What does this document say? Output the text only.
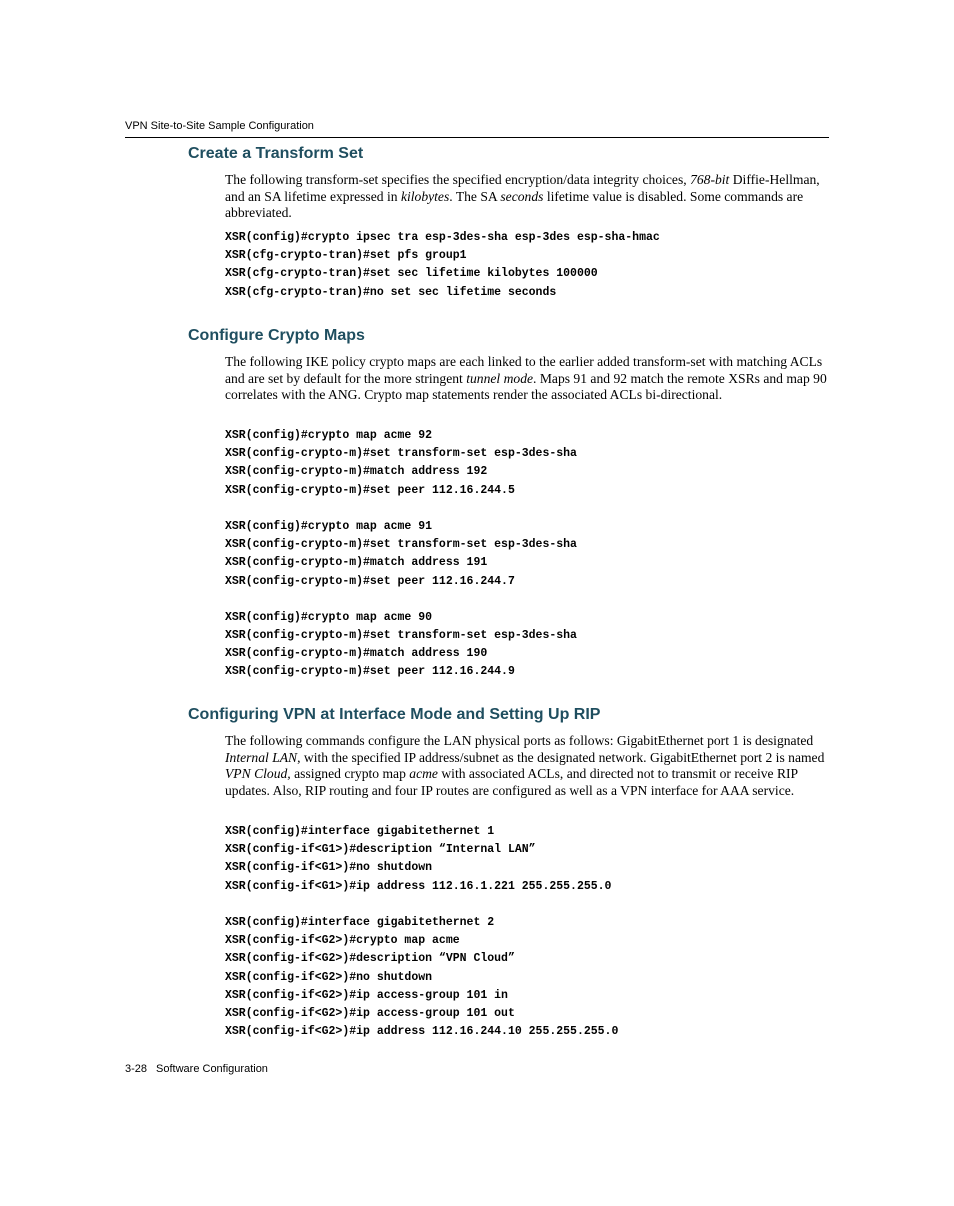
VPN Site-to-Site Sample Configuration
Create a Transform Set

The following transform-set specifies the specified encryption/data integrity choices, 768-bit Diffie-Hellman, and an SA lifetime expressed in kilobytes. The SA seconds lifetime value is disabled. Some commands are abbreviated.

XSR(config)#crypto ipsec tra esp-3des-sha esp-3des esp-sha-hmac
XSR(cfg-crypto-tran)#set pfs group1
XSR(cfg-crypto-tran)#set sec lifetime kilobytes 100000
XSR(cfg-crypto-tran)#no set sec lifetime seconds
Configure Crypto Maps

The following IKE policy crypto maps are each linked to the earlier added transform-set with matching ACLs and are set by default for the more stringent tunnel mode. Maps 91 and 92 match the remote XSRs and map 90 correlates with the ANG. Crypto map statements render the associated ACLs bi-directional.

XSR(config)#crypto map acme 92
XSR(config-crypto-m)#set transform-set esp-3des-sha
XSR(config-crypto-m)#match address 192
XSR(config-crypto-m)#set peer 112.16.244.5

XSR(config)#crypto map acme 91
XSR(config-crypto-m)#set transform-set esp-3des-sha
XSR(config-crypto-m)#match address 191
XSR(config-crypto-m)#set peer 112.16.244.7

XSR(config)#crypto map acme 90
XSR(config-crypto-m)#set transform-set esp-3des-sha
XSR(config-crypto-m)#match address 190
XSR(config-crypto-m)#set peer 112.16.244.9
Configuring VPN at Interface Mode and Setting Up RIP

The following commands configure the LAN physical ports as follows: GigabitEthernet port 1 is designated Internal LAN, with the specified IP address/subnet as the designated network. GigabitEthernet port 2 is named VPN Cloud, assigned crypto map acme with associated ACLs, and directed not to transmit or receive RIP updates. Also, RIP routing and four IP routes are configured as well as a VPN interface for AAA service.

XSR(config)#interface gigabitethernet 1
XSR(config-if<G1>)#description “Internal LAN”
XSR(config-if<G1>)#no shutdown
XSR(config-if<G1>)#ip address 112.16.1.221 255.255.255.0

XSR(config)#interface gigabitethernet 2
XSR(config-if<G2>)#crypto map acme
XSR(config-if<G2>)#description “VPN Cloud”
XSR(config-if<G2>)#no shutdown
XSR(config-if<G2>)#ip access-group 101 in
XSR(config-if<G2>)#ip access-group 101 out
XSR(config-if<G2>)#ip address 112.16.244.10 255.255.255.0
3-28 Software Configuration
